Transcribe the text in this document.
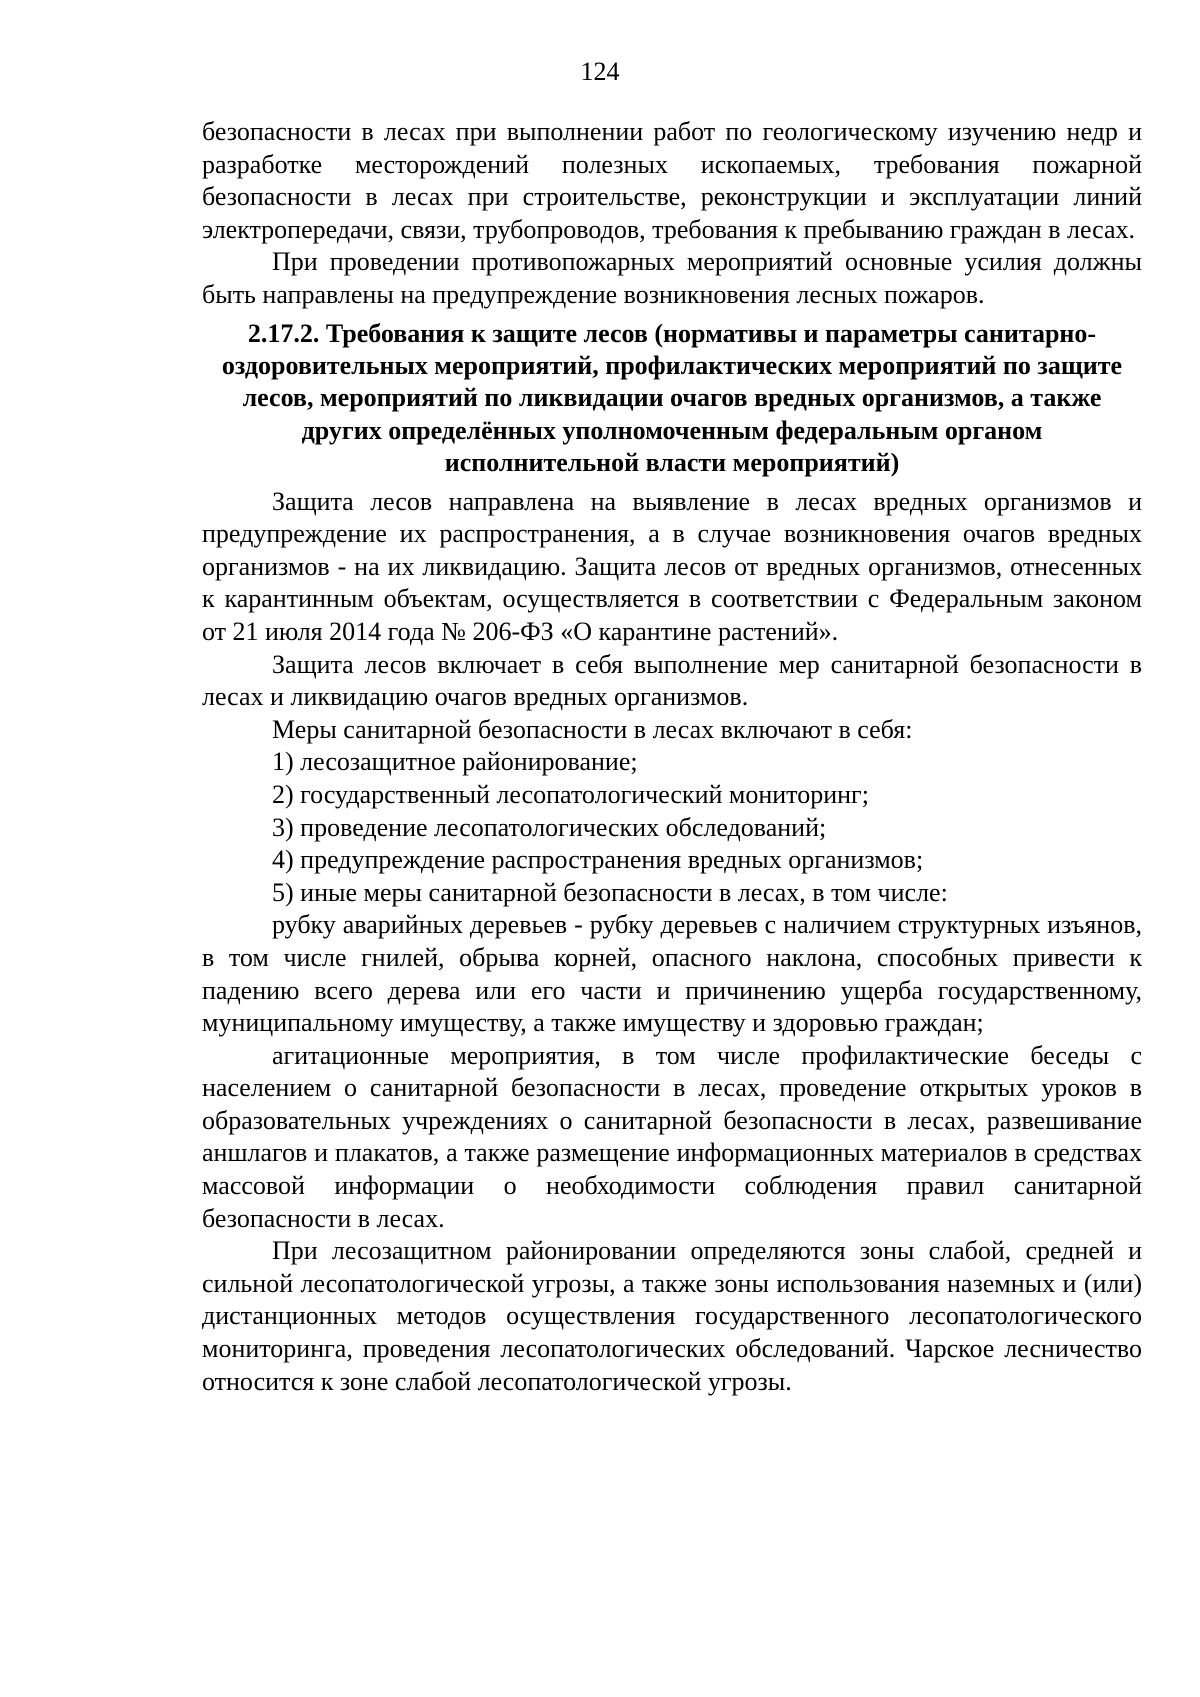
124

безопасности в лесах при выполнении работ по геологическому изучению недр и разработке месторождений полезных ископаемых, требования пожарной безопасности в лесах при строительстве, реконструкции и эксплуатации линий электропередачи, связи, трубопроводов, требования к пребыванию граждан в лесах.

При проведении противопожарных мероприятий основные усилия должны быть направлены на предупреждение возникновения лесных пожаров.

2.17.2. Требования к защите лесов (нормативы и параметры санитарно-оздоровительных мероприятий, профилактических мероприятий по защите лесов, мероприятий по ликвидации очагов вредных организмов, а также других определённых уполномоченным федеральным органом исполнительной власти мероприятий)

Защита лесов направлена на выявление в лесах вредных организмов и предупреждение их распространения, а в случае возникновения очагов вредных организмов - на их ликвидацию. Защита лесов от вредных организмов, отнесенных к карантинным объектам, осуществляется в соответствии с Федеральным законом от 21 июля 2014 года № 206-ФЗ «О карантине растений».

Защита лесов включает в себя выполнение мер санитарной безопасности в лесах и ликвидацию очагов вредных организмов.

Меры санитарной безопасности в лесах включают в себя:

1) лесозащитное районирование;

2) государственный лесопатологический мониторинг;

3) проведение лесопатологических обследований;

4) предупреждение распространения вредных организмов;

5) иные меры санитарной безопасности в лесах, в том числе:

рубку аварийных деревьев - рубку деревьев с наличием структурных изъянов, в том числе гнилей, обрыва корней, опасного наклона, способных привести к падению всего дерева или его части и причинению ущерба государственному, муниципальному имуществу, а также имуществу и здоровью граждан;

агитационные мероприятия, в том числе профилактические беседы с населением о санитарной безопасности в лесах, проведение открытых уроков в образовательных учреждениях о санитарной безопасности в лесах, развешивание аншлагов и плакатов, а также размещение информационных материалов в средствах массовой информации о необходимости соблюдения правил санитарной безопасности в лесах.

При лесозащитном районировании определяются зоны слабой, средней и сильной лесопатологической угрозы, а также зоны использования наземных и (или) дистанционных методов осуществления государственного лесопатологического мониторинга, проведения лесопатологических обследований. Чарское лесничество относится к зоне слабой лесопатологической угрозы.
